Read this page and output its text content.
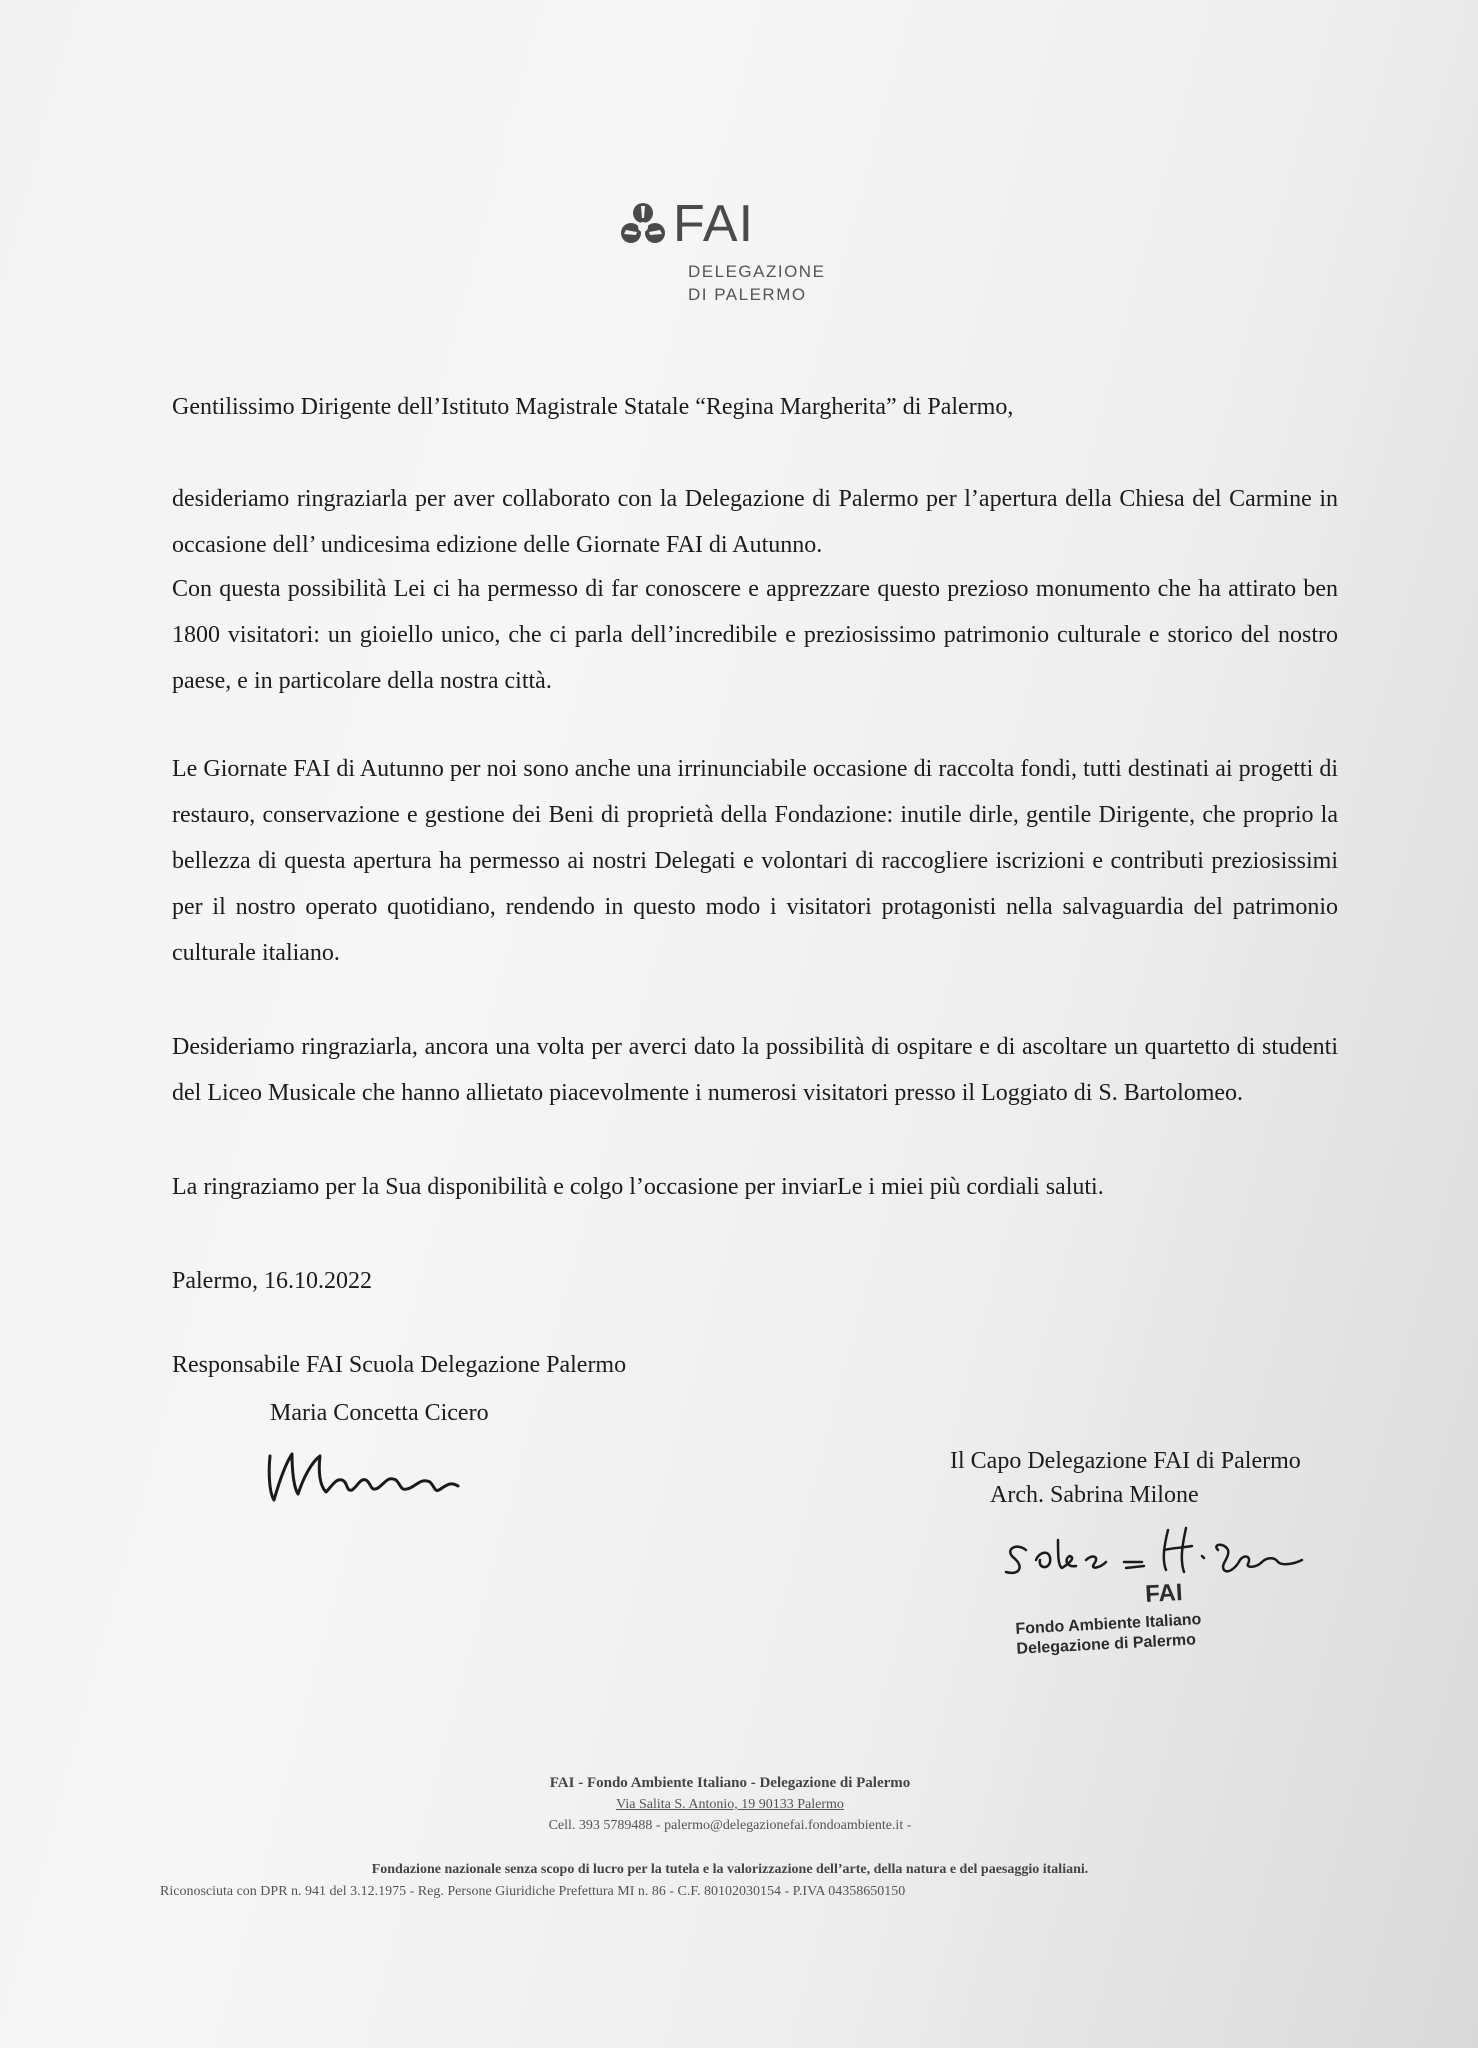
FAI
DELEGAZIONE
DI PALERMO
Gentilissimo Dirigente dell’Istituto Magistrale Statale “Regina Margherita” di Palermo,
desideriamo ringraziarla per aver collaborato con la Delegazione di Palermo per l’apertura della Chiesa del Carmine in occasione dell’ undicesima edizione delle Giornate FAI di Autunno.
Con questa possibilità Lei ci ha permesso di far conoscere e apprezzare questo prezioso monumento che ha attirato ben 1800 visitatori: un gioiello unico, che ci parla dell’incredibile e preziosissimo patrimonio culturale e storico del nostro paese, e in particolare della nostra città.
Le Giornate FAI di Autunno per noi sono anche una irrinunciabile occasione di raccolta fondi, tutti destinati ai progetti di restauro, conservazione e gestione dei Beni di proprietà della Fondazione: inutile dirle, gentile Dirigente, che proprio la bellezza di questa apertura ha permesso ai nostri Delegati e volontari di raccogliere iscrizioni e contributi preziosissimi per il nostro operato quotidiano, rendendo in questo modo i visitatori protagonisti nella salvaguardia del patrimonio culturale italiano.
Desideriamo ringraziarla, ancora una volta per averci dato la possibilità di ospitare e di ascoltare un quartetto di studenti del Liceo Musicale che hanno allietato piacevolmente i numerosi visitatori presso il Loggiato di S. Bartolomeo.
La ringraziamo per la Sua disponibilità e colgo l’occasione per inviarLe i miei più cordiali saluti.
Palermo, 16.10.2022
Responsabile FAI Scuola Delegazione Palermo
Maria Concetta Cicero
Il Capo Delegazione FAI di Palermo
Arch. Sabrina Milone
FAI
Fondo Ambiente Italiano
Delegazione di Palermo
FAI - Fondo Ambiente Italiano - Delegazione di Palermo
Via Salita S. Antonio, 19 90133 Palermo
Cell. 393 5789488 - palermo@delegazionefai.fondoambiente.it -
Fondazione nazionale senza scopo di lucro per la tutela e la valorizzazione dell’arte, della natura e del paesaggio italiani.
Riconosciuta con DPR n. 941 del 3.12.1975 - Reg. Persone Giuridiche Prefettura MI n. 86 - C.F. 80102030154 - P.IVA 04358650150
